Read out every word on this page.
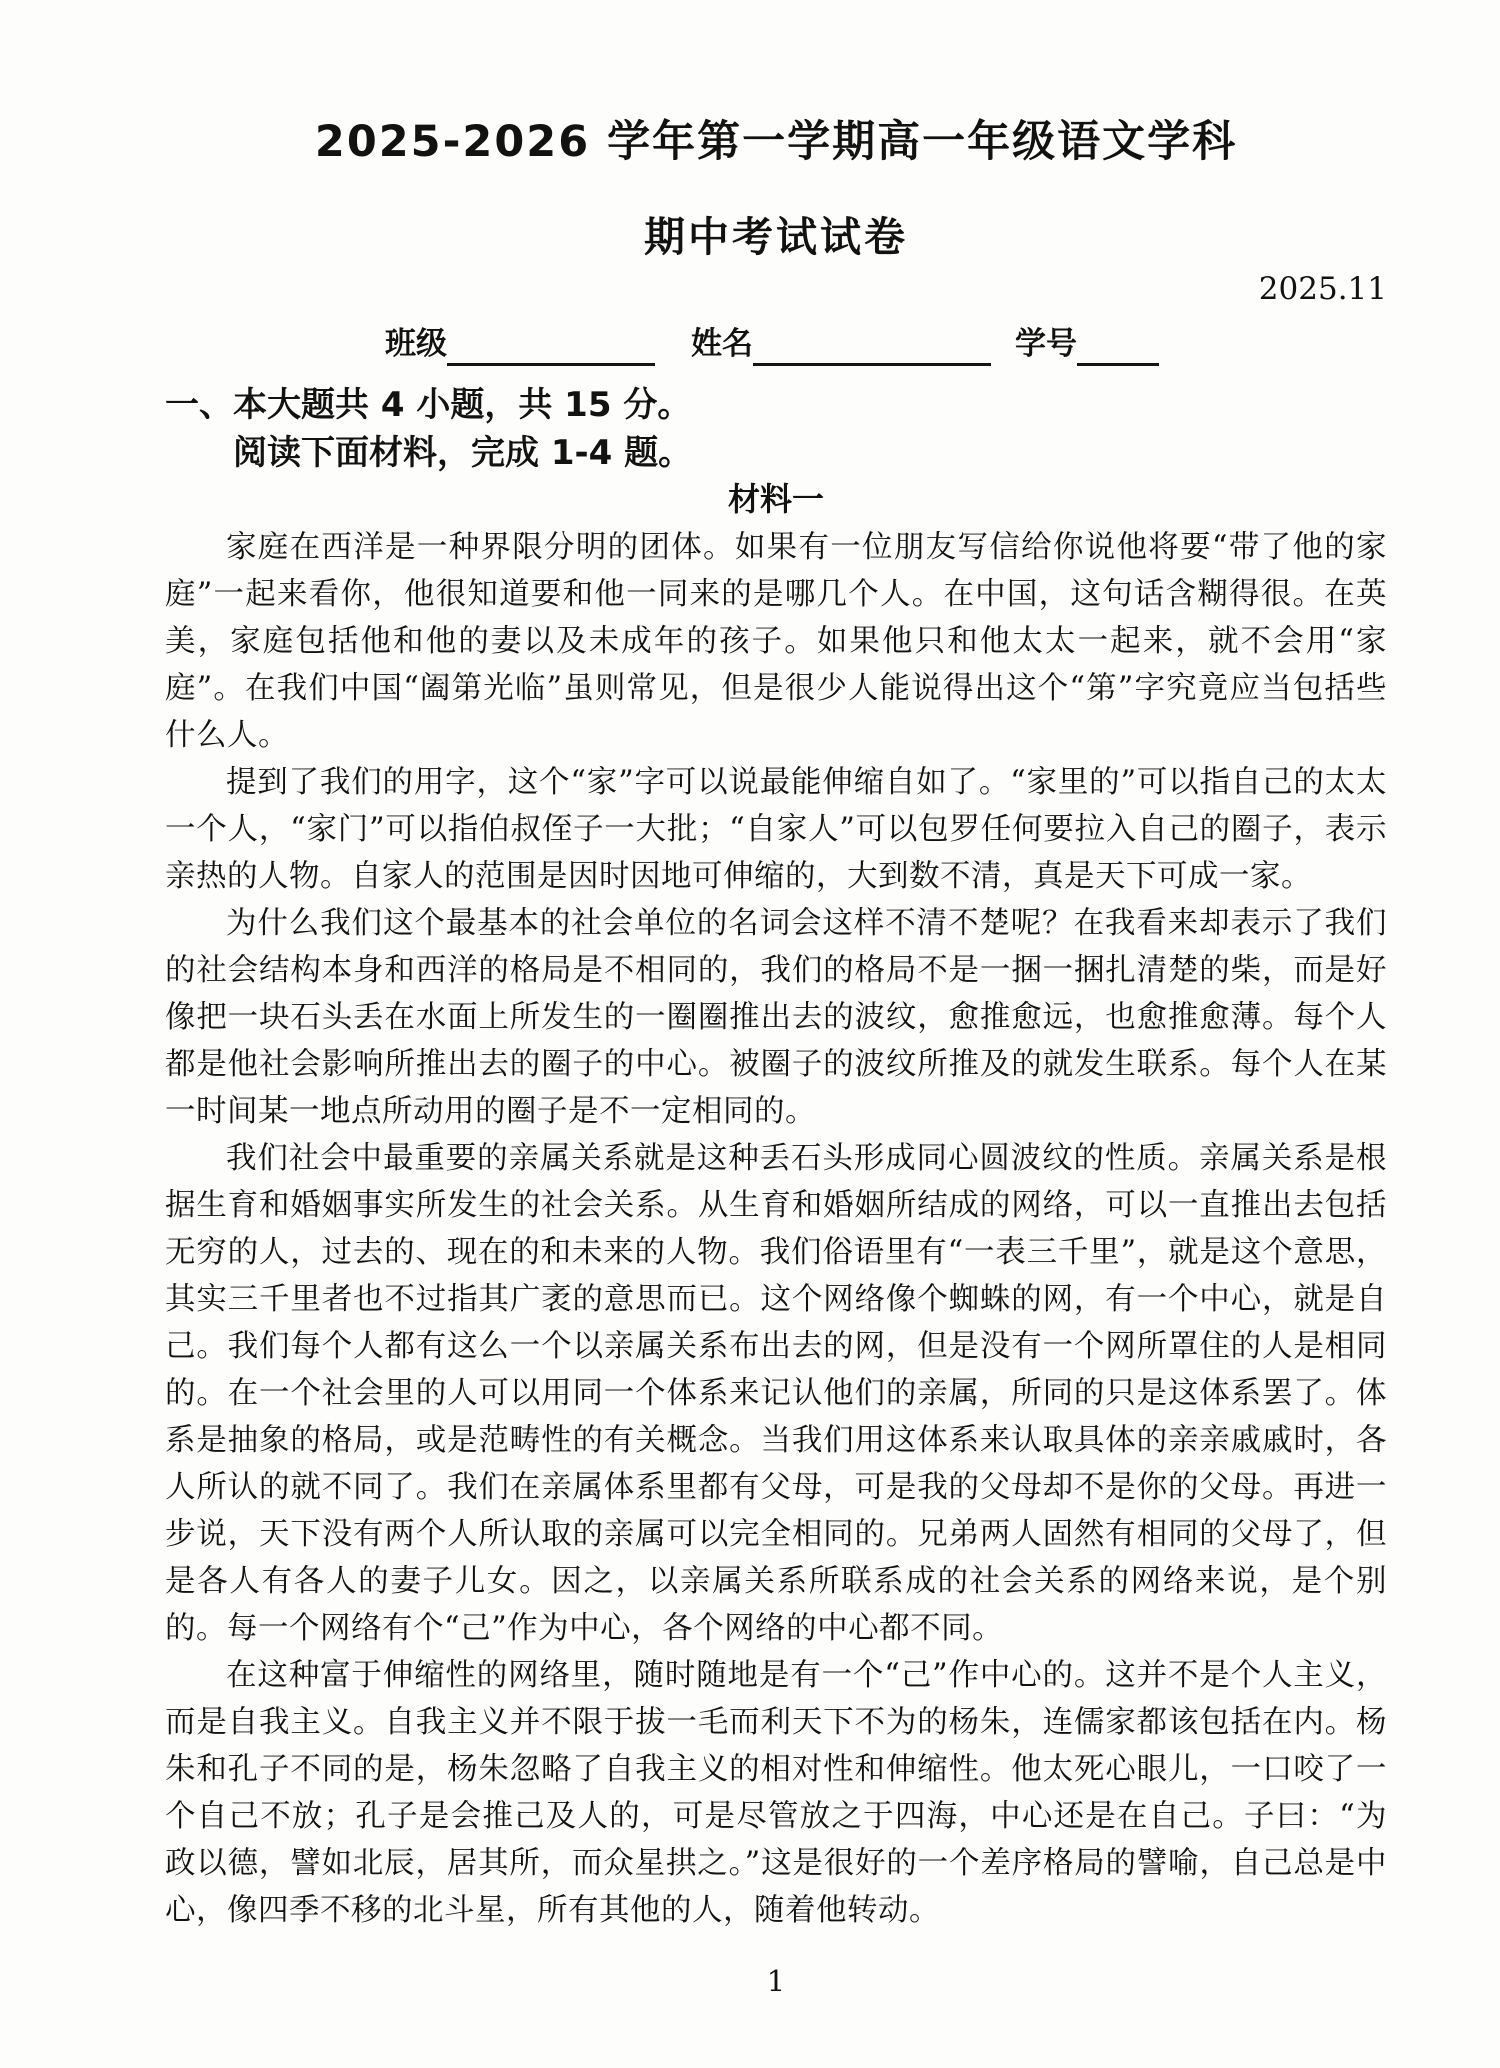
2025-2026 学年第一学期高一年级语文学科
期中考试试卷
2025.11
班级	姓名	学号
一、本大题共 4 小题，共 15 分。
阅读下面材料，完成 1-4 题。
材料一

家庭在西洋是一种界限分明的团体。如果有一位朋友写信给你说他将要“带了他的家庭”一起来看你，他很知道要和他一同来的是哪几个人。在中国，这句话含糊得很。在英美，家庭包括他和他的妻以及未成年的孩子。如果他只和他太太一起来，就不会用“家庭”。在我们中国“阖第光临”虽则常见，但是很少人能说得出这个“第”字究竟应当包括些什么人。

提到了我们的用字，这个“家”字可以说最能伸缩自如了。“家里的”可以指自己的太太一个人，“家门”可以指伯叔侄子一大批；“自家人”可以包罗任何要拉入自己的圈子，表示亲热的人物。自家人的范围是因时因地可伸缩的，大到数不清，真是天下可成一家。

为什么我们这个最基本的社会单位的名词会这样不清不楚呢？在我看来却表示了我们的社会结构本身和西洋的格局是不相同的，我们的格局不是一捆一捆扎清楚的柴，而是好像把一块石头丢在水面上所发生的一圈圈推出去的波纹，愈推愈远，也愈推愈薄。每个人都是他社会影响所推出去的圈子的中心。被圈子的波纹所推及的就发生联系。每个人在某一时间某一地点所动用的圈子是不一定相同的。

我们社会中最重要的亲属关系就是这种丢石头形成同心圆波纹的性质。亲属关系是根据生育和婚姻事实所发生的社会关系。从生育和婚姻所结成的网络，可以一直推出去包括无穷的人，过去的、现在的和未来的人物。我们俗语里有“一表三千里”，就是这个意思，其实三千里者也不过指其广袤的意思而已。这个网络像个蜘蛛的网，有一个中心，就是自己。我们每个人都有这么一个以亲属关系布出去的网，但是没有一个网所罩住的人是相同的。在一个社会里的人可以用同一个体系来记认他们的亲属，所同的只是这体系罢了。体系是抽象的格局，或是范畴性的有关概念。当我们用这体系来认取具体的亲亲戚戚时，各人所认的就不同了。我们在亲属体系里都有父母，可是我的父母却不是你的父母。再进一步说，天下没有两个人所认取的亲属可以完全相同的。兄弟两人固然有相同的父母了，但是各人有各人的妻子儿女。因之，以亲属关系所联系成的社会关系的网络来说，是个别的。每一个网络有个“己”作为中心，各个网络的中心都不同。

在这种富于伸缩性的网络里，随时随地是有一个“己”作中心的。这并不是个人主义，而是自我主义。自我主义并不限于拔一毛而利天下不为的杨朱，连儒家都该包括在内。杨朱和孔子不同的是，杨朱忽略了自我主义的相对性和伸缩性。他太死心眼儿，一口咬了一个自己不放；孔子是会推己及人的，可是尽管放之于四海，中心还是在自己。子曰：“为政以德，譬如北辰，居其所，而众星拱之。”这是很好的一个差序格局的譬喻，自己总是中心，像四季不移的北斗星，所有其他的人，随着他转动。

1
